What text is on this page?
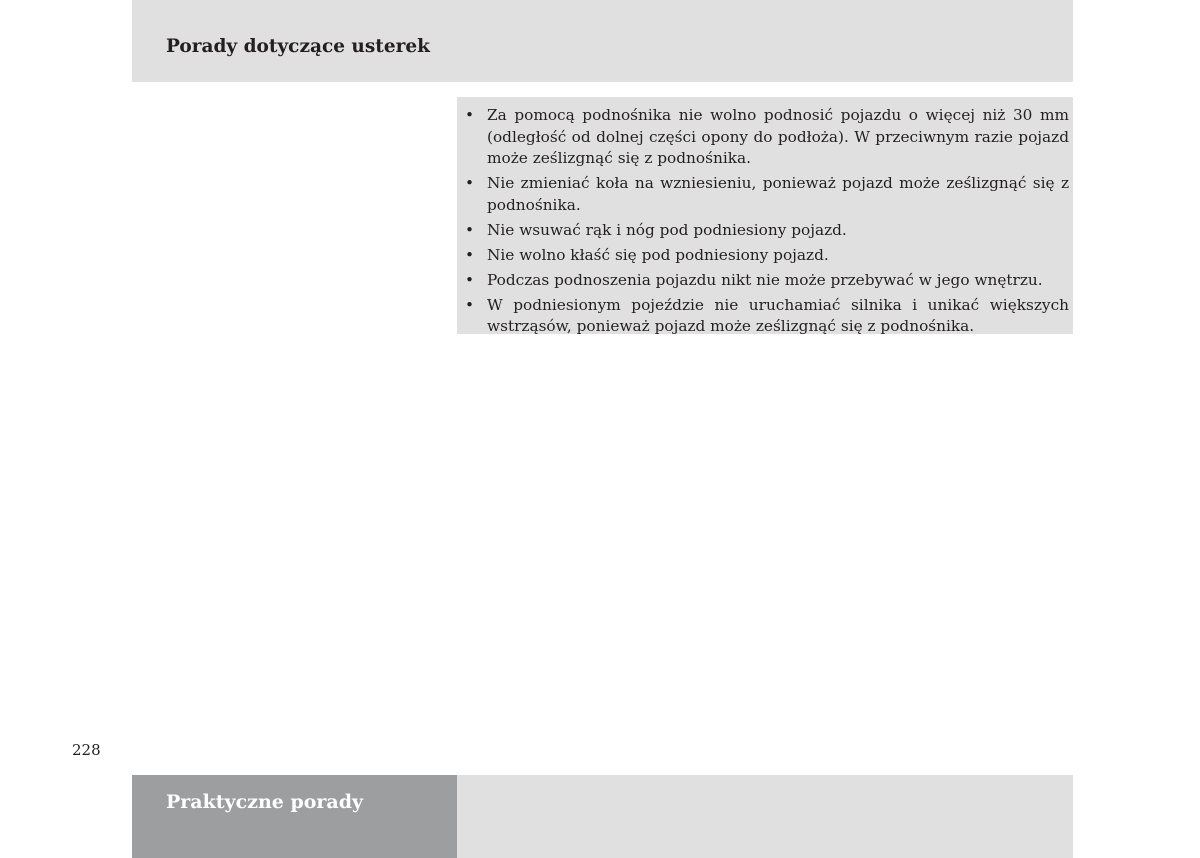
Porady dotyczące usterek
• Za pomocą podnośnika nie wolno podnosić pojazdu o więcej niż 30 mm (odległość od dolnej części opony do podłoża). W przeciwnym razie pojazd może ześlizgnąć się z podnośnika.
• Nie zmieniać koła na wzniesieniu, ponieważ pojazd może ześlizgnąć się z podnośnika.
• Nie wsuwać rąk i nóg pod podniesiony pojazd.
• Nie wolno kłaść się pod podniesiony pojazd.
• Podczas podnoszenia pojazdu nikt nie może przebywać w jego wnętrzu.
• W podniesionym pojeździe nie uruchamiać silnika i unikać większych wstrząsów, ponieważ pojazd może ześlizgnąć się z podnośnika.
228
Praktyczne porady
